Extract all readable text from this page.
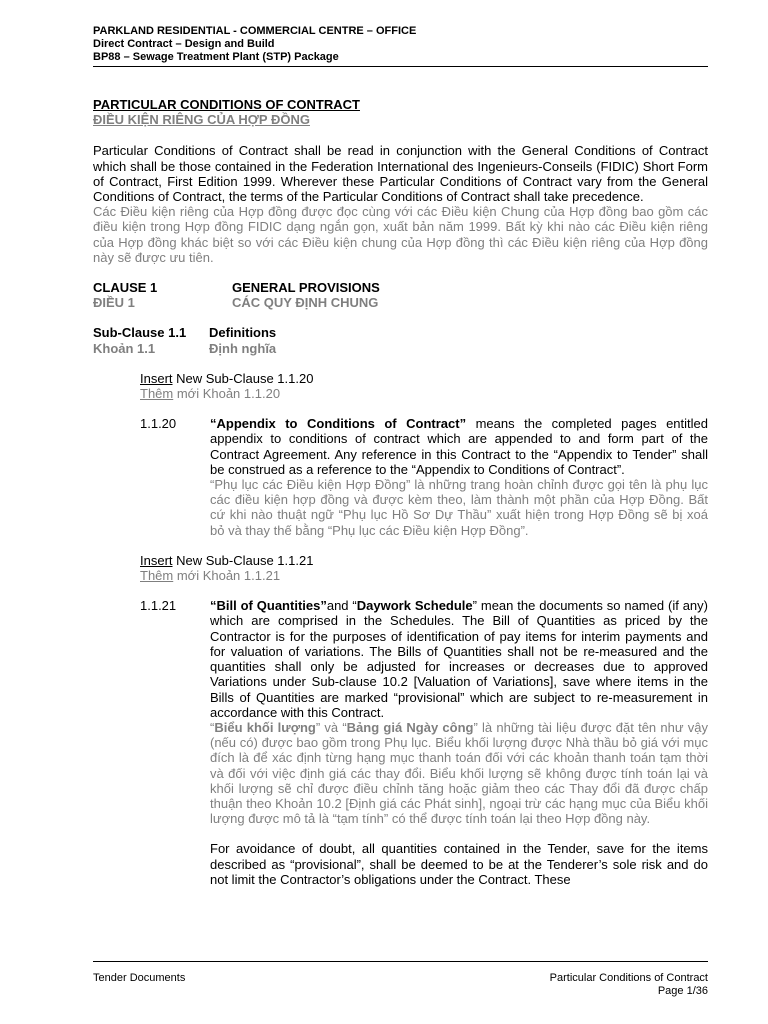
PARKLAND RESIDENTIAL - COMMERCIAL CENTRE – OFFICE
Direct Contract – Design and Build
BP88 – Sewage Treatment Plant (STP) Package
PARTICULAR CONDITIONS OF CONTRACT
ĐIỀU KIỆN RIÊNG CỦA HỢP ĐỒNG

Particular Conditions of Contract shall be read in conjunction with the General Conditions of Contract which shall be those contained in the Federation International des Ingenieurs-Conseils (FIDIC) Short Form of Contract, First Edition 1999. Wherever these Particular Conditions of Contract vary from the General Conditions of Contract, the terms of the Particular Conditions of Contract shall take precedence.

Các Điều kiện riêng của Hợp đồng được đọc cùng với các Điều kiện Chung của Hợp đồng bao gồm các điều kiện trong Hợp đồng FIDIC dạng ngắn gọn, xuất bản năm 1999. Bất kỳ khi nào các Điều kiện riêng của Hợp đồng khác biệt so với các Điều kiện chung của Hợp đồng thì các Điều kiện riêng của Hợp đồng này sẽ được ưu tiên.

CLAUSE 1	GENERAL PROVISIONS
ĐIỀU 1	CÁC QUY ĐỊNH CHUNG
Sub-Clause 1.1	Definitions
Khoản 1.1	Định nghĩa
Insert New Sub-Clause 1.1.20
Thêm mới Khoản 1.1.20
1.1.20	“Appendix to Conditions of Contract” means the completed pages entitled appendix to conditions of contract which are appended to and form part of the Contract Agreement. Any reference in this Contract to the “Appendix to Tender” shall be construed as a reference to the “Appendix to Conditions of Contract”.
“Phụ lục các Điều kiện Hợp Đồng” là những trang hoàn chỉnh được gọi tên là phụ lục các điều kiện hợp đồng và được kèm theo, làm thành một phần của Hợp Đồng. Bất cứ khi nào thuật ngữ “Phụ lục Hồ Sơ Dự Thầu” xuất hiện trong Hợp Đồng sẽ bị xoá bỏ và thay thế bằng “Phụ lục các Điều kiện Hợp Đồng”.
Insert New Sub-Clause 1.1.21
Thêm mới Khoản 1.1.21
1.1.21	“Bill of Quantities”and “Daywork Schedule” mean the documents so named (if any) which are comprised in the Schedules. The Bill of Quantities as priced by the Contractor is for the purposes of identification of pay items for interim payments and for valuation of variations. The Bills of Quantities shall not be re-measured and the quantities shall only be adjusted for increases or decreases due to approved Variations under Sub-clause 10.2 [Valuation of Variations], save where items in the Bills of Quantities are marked “provisional” which are subject to re-measurement in accordance with this Contract.
“Biểu khối lượng” và “Bảng giá Ngày công” là những tài liệu được đặt tên như vậy (nếu có) được bao gồm trong Phụ lục. Biểu khối lượng được Nhà thầu bỏ giá với mục đích là để xác định từng hạng mục thanh toán đối với các khoản thanh toán tạm thời và đối với việc định giá các thay đổi. Biểu khối lượng sẽ không được tính toán lại và khối lượng sẽ chỉ được điều chỉnh tăng hoặc giảm theo các Thay đổi đã được chấp thuận theo Khoản 10.2 [Định giá các Phát sinh], ngoại trừ các hạng mục của Biểu khối lượng được mô tả là “tạm tính” có thể được tính toán lại theo Hợp đồng này.
For avoidance of doubt, all quantities contained in the Tender, save for the items described as “provisional”, shall be deemed to be at the Tenderer’s sole risk and do not limit the Contractor’s obligations under the Contract. These
Tender Documents	Particular Conditions of Contract
Page 1/36
